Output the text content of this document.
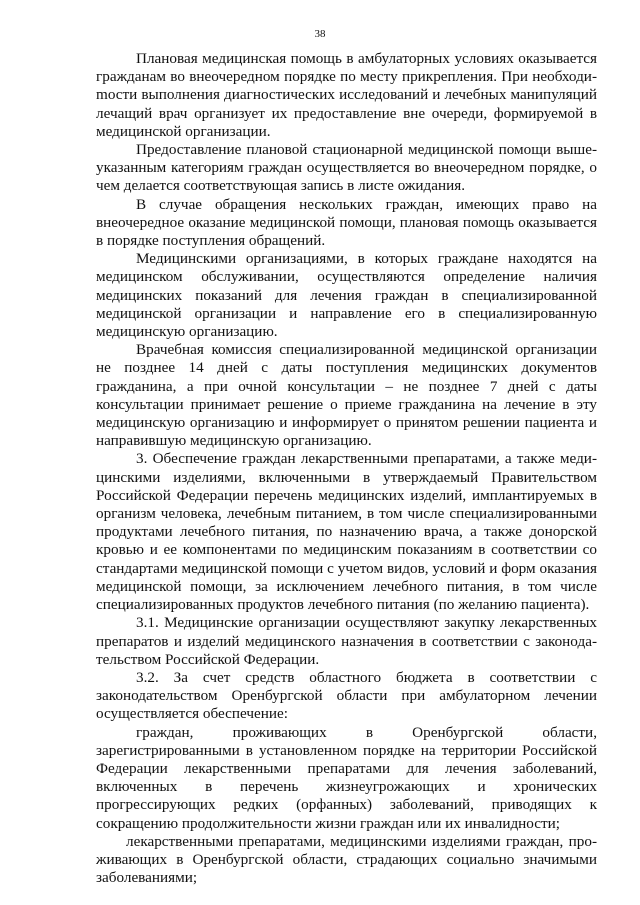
38

Плановая медицинская помощь в амбулаторных условиях оказывается гражданам во внеочередном порядке по месту прикрепления. При необходиmости выполнения диагностических исследований и лечебных манипуляций лечащий врач организует их предоставление вне очереди, формируемой в медицинской организации.

Предоставление плановой стационарной медицинской помощи вышеуказанным категориям граждан осуществляется во внеочередном порядке, о чем делается соответствующая запись в листе ожидания.

В случае обращения нескольких граждан, имеющих право на внеочередное оказание медицинской помощи, плановая помощь оказывается в порядке поступления обращений.

Медицинскими организациями, в которых граждане находятся на медицинском обслуживании, осуществляются определение наличия медицинских показаний для лечения граждан в специализированной медицинской организации и направление его в специализированную медицинскую организацию.

Врачебная комиссия специализированной медицинской организации не позднее 14 дней с даты поступления медицинских документов гражданина, а при очной консультации – не позднее 7 дней с даты консультации принимает решение о приеме гражданина на лечение в эту медицинскую организацию и информирует о принятом решении пациента и направившую медицинскую организацию.

3. Обеспечение граждан лекарственными препаратами, а также медицинскими изделиями, включенными в утверждаемый Правительством Российской Федерации перечень медицинских изделий, имплантируемых в организм человека, лечебным питанием, в том числе специализированными продуктами лечебного питания, по назначению врача, а также донорской кровью и ее компонентами по медицинским показаниям в соответствии со стандартами медицинской помощи с учетом видов, условий и форм оказания медицинской помощи, за исключением лечебного питания, в том числе специализированных продуктов лечебного питания (по желанию пациента).

3.1. Медицинские организации осуществляют закупку лекарственных препаратов и изделий медицинского назначения в соответствии с законодательством Российской Федерации.

3.2. За счет средств областного бюджета в соответствии с законодательством Оренбургской области при амбулаторном лечении осуществляется обеспечение:

граждан, проживающих в Оренбургской области, зарегистрированными в установленном порядке на территории Российской Федерации лекарственными препаратами для лечения заболеваний, включенных в перечень жизнеугрожающих и хронических прогрессирующих редких (орфанных) заболеваний, приводящих к сокращению продолжительности жизни граждан или их инвалидности;

лекарственными препаратами, медицинскими изделиями граждан, проживающих в Оренбургской области, страдающих социально значимыми заболеваниями;
